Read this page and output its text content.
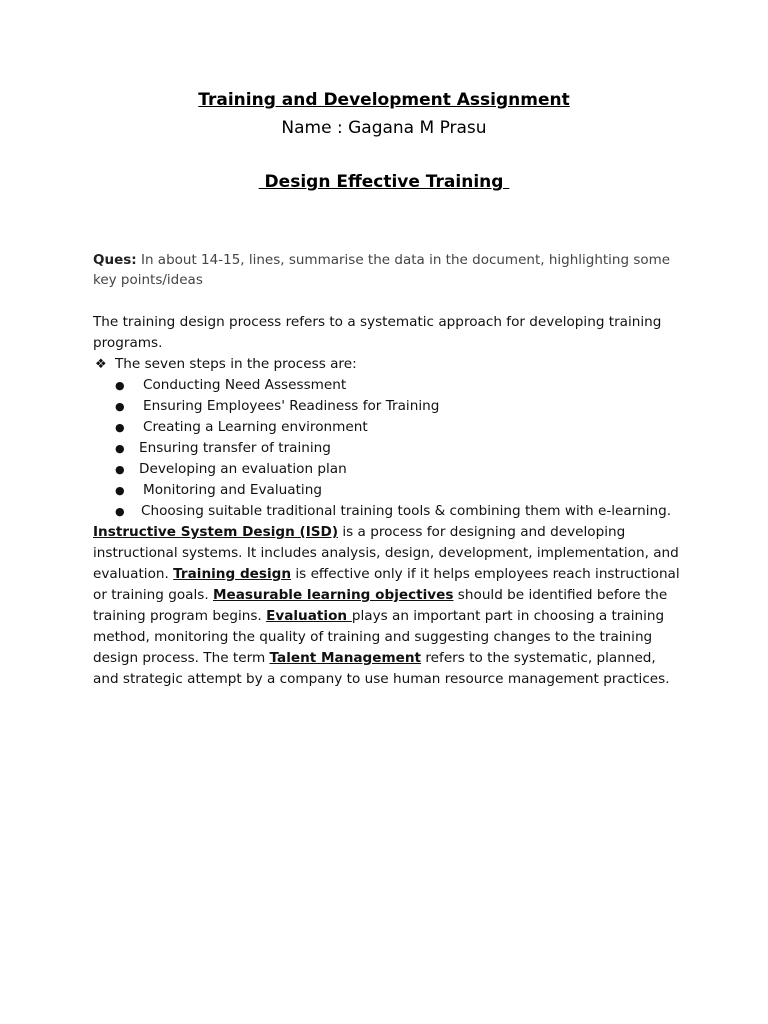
Training and Development Assignment
Name : Gagana M Prasu
Design Effective Training
Ques: In about 14-15, lines, summarise the data in the document, highlighting some key points/ideas

The training design process refers to a systematic approach for developing training programs.

❖ The seven steps in the process are:

● Conducting Need Assessment
● Ensuring Employees' Readiness for Training
● Creating a Learning environment
● Ensuring transfer of training
● Developing an evaluation plan
● Monitoring and Evaluating
● Choosing suitable traditional training tools & combining them with e-learning.

Instructive System Design (ISD) is a process for designing and developing instructional systems. It includes analysis, design, development, implementation, and evaluation. Training design is effective only if it helps employees reach instructional or training goals. Measurable learning objectives should be identified before the training program begins. Evaluation plays an important part in choosing a training method, monitoring the quality of training and suggesting changes to the training design process. The term Talent Management refers to the systematic, planned, and strategic attempt by a company to use human resource management practices.
